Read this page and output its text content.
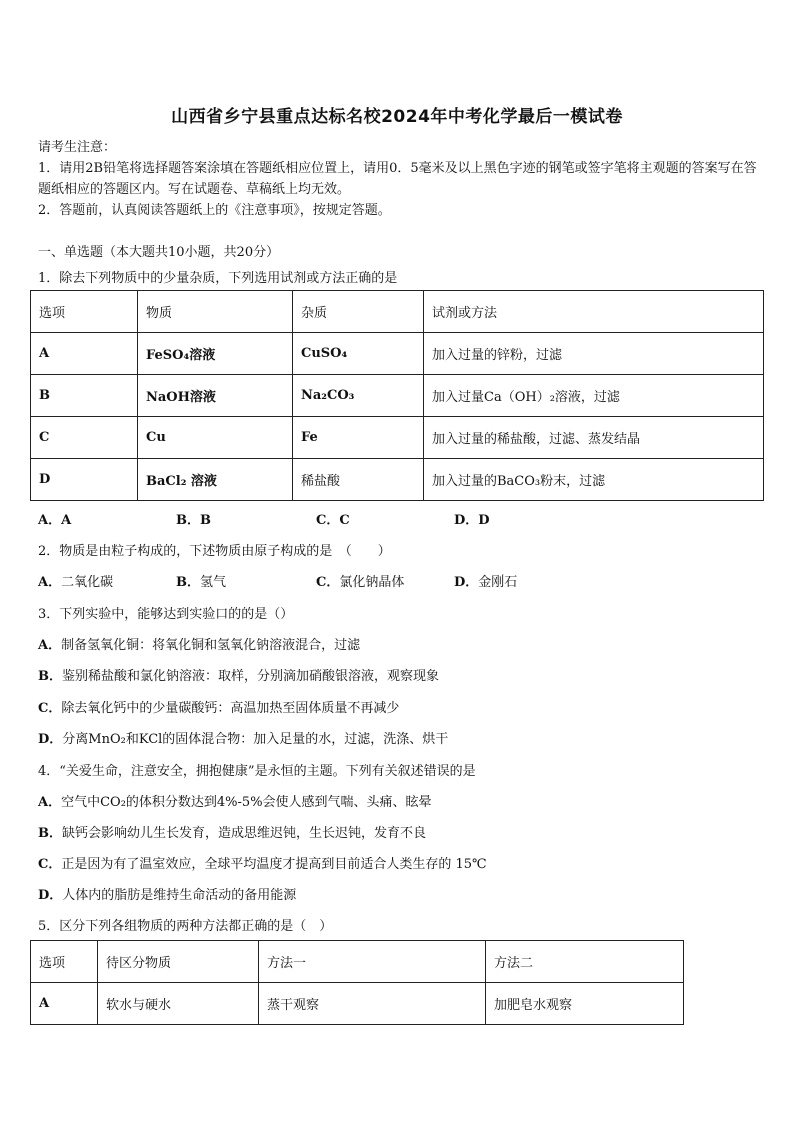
山西省乡宁县重点达标名校2024年中考化学最后一模试卷
请考生注意：
1．请用2B铅笔将选择题答案涂填在答题纸相应位置上，请用0．5毫米及以上黑色字迹的钢笔或签字笔将主观题的答案写在答题纸相应的答题区内。写在试题卷、草稿纸上均无效。
2．答题前，认真阅读答题纸上的《注意事项》，按规定答题。
一、单选题（本大题共10小题，共20分）
1．除去下列物质中的少量杂质，下列选用试剂或方法正确的是
选项	物质	杂质	试剂或方法
A	FeSO₄溶液	CuSO₄	加入过量的锌粉，过滤
B	NaOH溶液	Na₂CO₃	加入过量Ca（OH）₂溶液，过滤
C	Cu	Fe	加入过量的稀盐酸，过滤、蒸发结晶
D	BaCl₂ 溶液	稀盐酸	加入过量的BaCO₃粉末，过滤
A．A	B．B	C．C	D．D
2．物质是由粒子构成的，下述物质由原子构成的是　（　　）
A．二氧化碳	B．氢气	C．氯化钠晶体	D．金刚石
3．下列实验中，能够达到实验口的的是（）
A．制备氢氧化铜：将氧化铜和氢氧化钠溶液混合，过滤
B．鉴别稀盐酸和氯化钠溶液：取样，分别滴加硝酸银溶液，观察现象
C．除去氧化钙中的少量碳酸钙：高温加热至固体质量不再减少
D．分离MnO₂和KCl的固体混合物：加入足量的水，过滤，洗涤、烘干
4．“关爱生命，注意安全，拥抱健康”是永恒的主题。下列有关叙述错误的是
A．空气中CO₂的体积分数达到4%-5%会使人感到气喘、头痛、眩晕
B．缺钙会影响幼儿生长发育，造成思维迟钝，生长迟钝，发育不良
C．正是因为有了温室效应，全球平均温度才提高到目前适合人类生存的 15℃
D．人体内的脂肪是维持生命活动的备用能源
5．区分下列各组物质的两种方法都正确的是（　）
选项	待区分物质	方法一	方法二
A	软水与硬水	蒸干观察	加肥皂水观察
